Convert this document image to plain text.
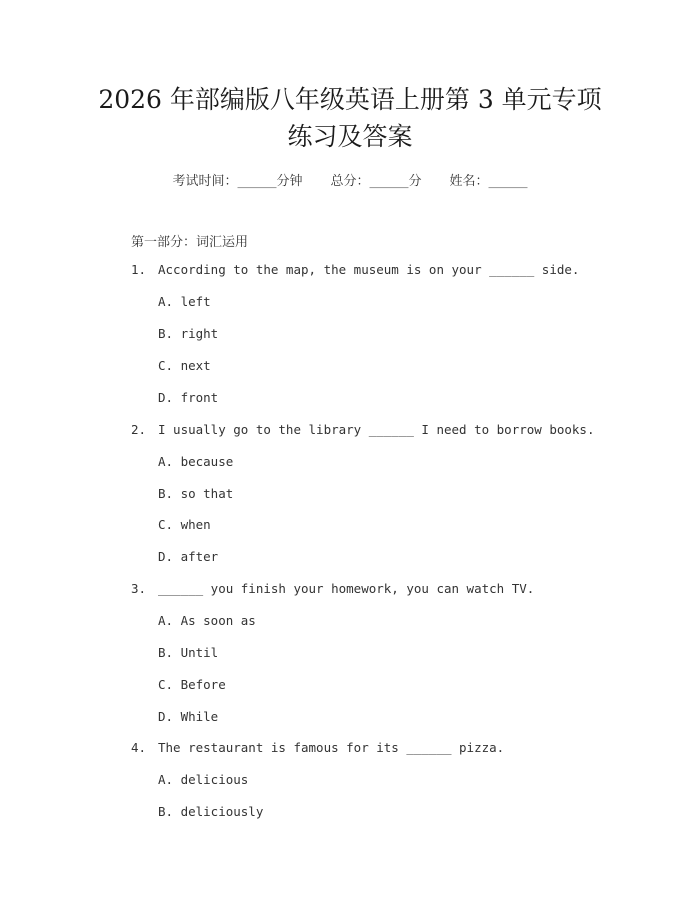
2026 年部编版八年级英语上册第 3 单元专项
练习及答案
考试时间：______分钟 总分：______分 姓名：______
第一部分：词汇运用
1. According to the map, the museum is on your ______ side.
A. left
B. right
C. next
D. front
2. I usually go to the library ______ I need to borrow books.
A. because
B. so that
C. when
D. after
3. ______ you finish your homework, you can watch TV.
A. As soon as
B. Until
C. Before
D. While
4. The restaurant is famous for its ______ pizza.
A. delicious
B. deliciously
